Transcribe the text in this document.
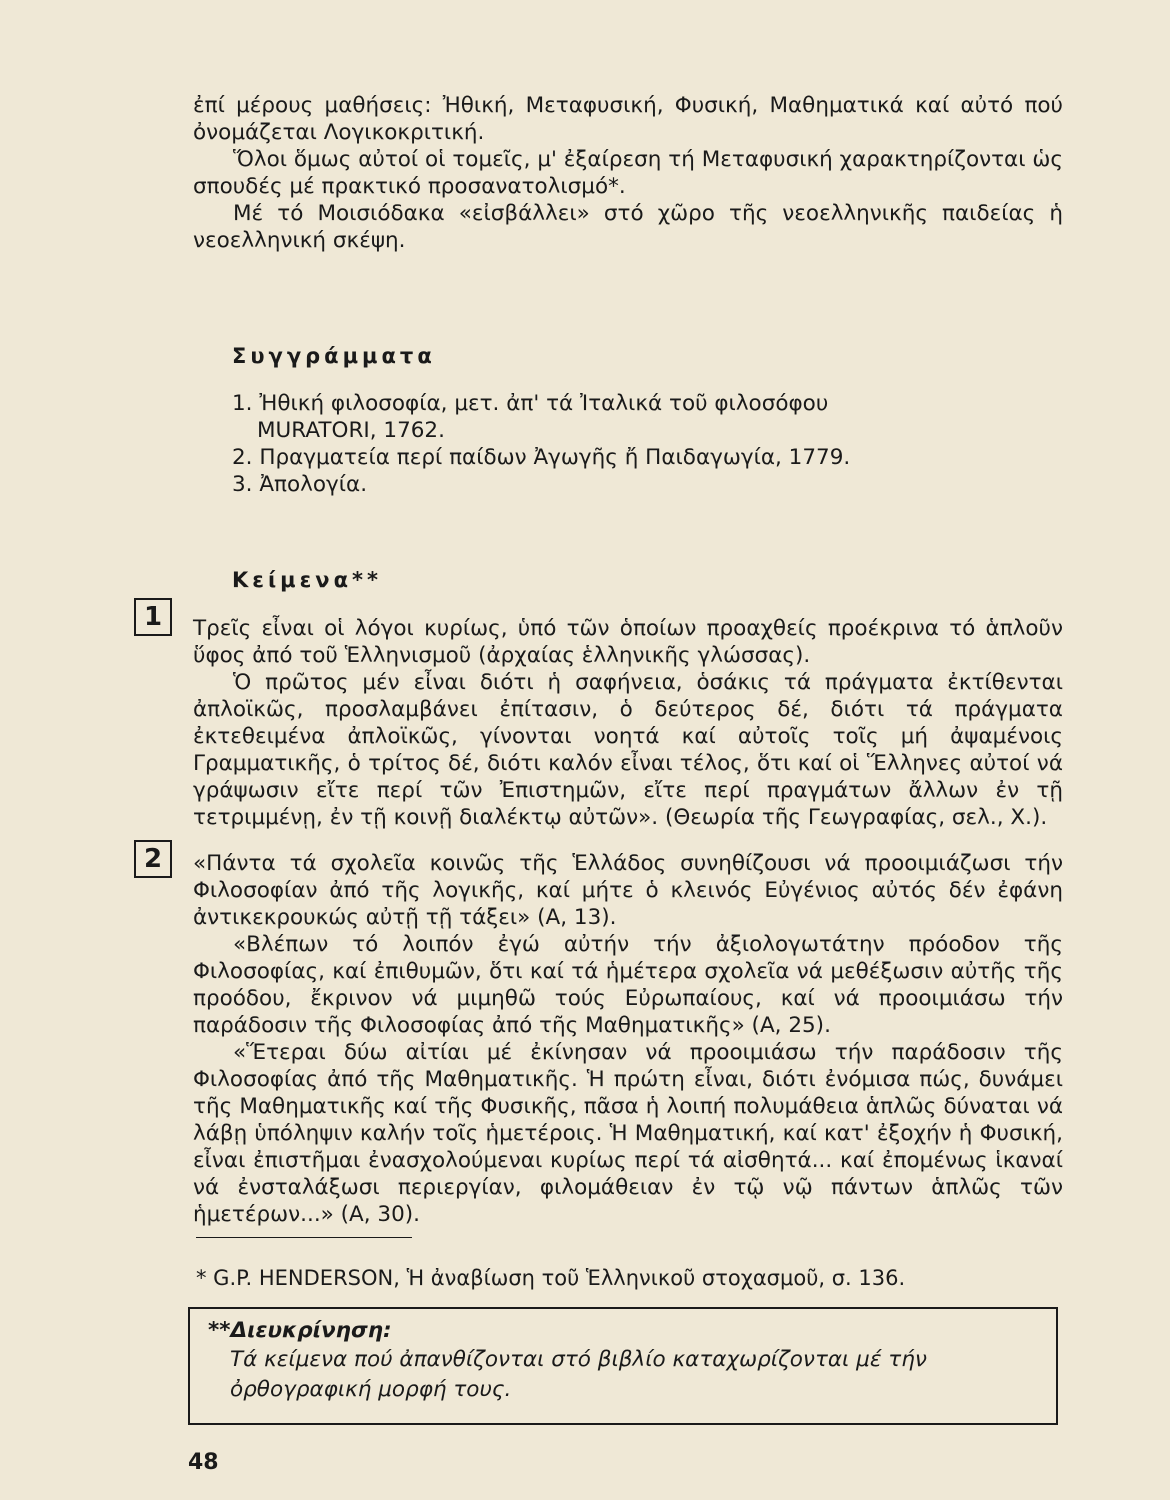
ἐπί μέρους μαθήσεις: Ἠθική, Μεταφυσική, Φυσική, Μαθηματικά καί αὐτό πού ὀνομάζεται Λογικοκριτική.

Ὅλοι ὅμως αὐτοί οἱ τομεῖς, μ' ἐξαίρεση τή Μεταφυσική χαρακτηρίζονται ὡς σπουδές μέ πρακτικό προσανατολισμό*.

Μέ τό Μοισιόδακα «εἰσβάλλει» στό χῶρο τῆς νεοελληνικῆς παιδείας ἡ νεοελληνική σκέψη.

Συγγράμματα
1. Ἠθική φιλοσοφία, μετ. ἀπ' τά Ἰταλικά τοῦ φιλοσόφου
MURATORI, 1762.
2. Πραγματεία περί παίδων Ἀγωγῆς ἤ Παιδαγωγία, 1779.
3. Ἀπολογία.
Κείμενα**
1	Τρεῖς εἶναι οἱ λόγοι κυρίως, ὑπό τῶν ὁποίων προαχθείς προέκρινα τό ἁπλοῦν ὕφος ἀπό τοῦ Ἑλληνισμοῦ (ἀρχαίας ἑλληνικῆς γλώσσας).

Ὁ πρῶτος μέν εἶναι διότι ἡ σαφήνεια, ὁσάκις τά πράγματα ἐκτίθενται ἀπλοϊκῶς, προσλαμβάνει ἐπίτασιν, ὁ δεύτερος δέ, διότι τά πράγματα ἐκτεθειμένα ἀπλοϊκῶς, γίνονται νοητά καί αὐτοῖς τοῖς μή ἀψαμένοις Γραμματικῆς, ὁ τρίτος δέ, διότι καλόν εἶναι τέλος, ὅτι καί οἱ Ἕλληνες αὐτοί νά γράψωσιν εἴτε περί τῶν Ἐπιστημῶν, εἴτε περί πραγμάτων ἄλλων ἐν τῇ τετριμμένῃ, ἐν τῇ κοινῇ διαλέκτῳ αὐτῶν». (Θεωρία τῆς Γεωγραφίας, σελ., Χ.).

2	«Πάντα τά σχολεῖα κοινῶς τῆς Ἑλλάδος συνηθίζουσι νά προοιμιάζωσι τήν Φιλοσοφίαν ἀπό τῆς λογικῆς, καί μήτε ὁ κλεινός Εὐγένιος αὐτός δέν ἐφάνη ἀντικεκρουκώς αὐτῇ τῇ τάξει» (Α, 13).

«Βλέπων τό λοιπόν ἐγώ αὐτήν τήν ἀξιολογωτάτην πρόοδον τῆς Φιλοσοφίας, καί ἐπιθυμῶν, ὅτι καί τά ἡμέτερα σχολεῖα νά μεθέξωσιν αὐτῆς τῆς προόδου, ἔκρινον νά μιμηθῶ τούς Εὐρωπαίους, καί νά προοιμιάσω τήν παράδοσιν τῆς Φιλοσοφίας ἀπό τῆς Μαθηματικῆς» (Α, 25).

«Ἕτεραι δύω αἰτίαι μέ ἐκίνησαν νά προοιμιάσω τήν παράδοσιν τῆς Φιλοσοφίας ἀπό τῆς Μαθηματικῆς. Ἡ πρώτη εἶναι, διότι ἐνόμισα πώς, δυνάμει τῆς Μαθηματικῆς καί τῆς Φυσικῆς, πᾶσα ἡ λοιπή πολυμάθεια ἁπλῶς δύναται νά λάβῃ ὑπόληψιν καλήν τοῖς ἡμετέροις. Ἡ Μαθηματική, καί κατ' ἐξοχήν ἡ Φυσική, εἶναι ἐπιστῆμαι ἐνασχολούμεναι κυρίως περί τά αἰσθητά... καί ἐπομένως ἱκαναί νά ἐνσταλάξωσι περιεργίαν, φιλομάθειαν ἐν τῷ νῷ πάντων ἁπλῶς τῶν ἡμετέρων...» (Α, 30).

* G.P. HENDERSON, Ἡ ἀναβίωση τοῦ Ἑλληνικοῦ στοχασμοῦ, σ. 136.
**Διευκρίνηση:
Τά κείμενα πού ἀπανθίζονται στό βιβλίο καταχωρίζονται μέ τήν ὀρθογραφική μορφή τους.
48
